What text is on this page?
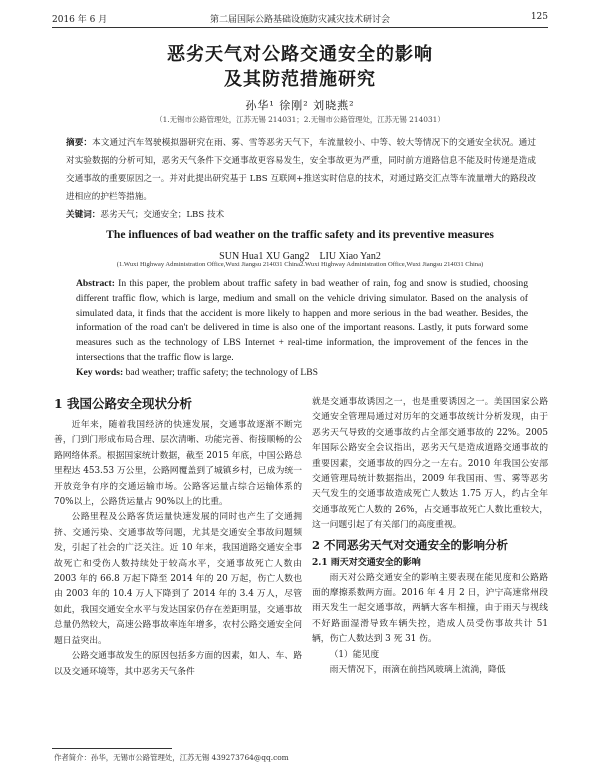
2016 年 6 月	第二届国际公路基础设施防灾减灾技术研讨会	125
恶劣天气对公路交通安全的影响
及其防范措施研究
孙华¹ 徐刚² 刘晓燕²
（1.无锡市公路管理处，江苏无锡 214031；2.无锡市公路管理处，江苏无锡 214031）
摘要：本文通过汽车驾驶模拟器研究在雨、雾、雪等恶劣天气下，车流量较小、中等、较大等情况下的交通安全状况。通过对实验数据的分析可知，恶劣天气条件下交通事故更容易发生，安全事故更为严重，同时前方道路信息不能及时传递是造成交通事故的重要原因之一。并对此提出研究基于 LBS 互联网+推送实时信息的技术，对通过路交汇点等车流量增大的路段改进相应的护栏等措施。
关键词：恶劣天气；交通安全；LBS 技术
The influences of bad weather on the traffic safety and its preventive measures
SUN Hua1 XU Gang2　LIU Xiao Yan2
(1.Wuxi Highway Administration Office,Wuxi Jiangsu 214031 China2.Wuxi Highway Administration Office,Wuxi Jiangsu 214031 China)
Abstract: In this paper, the problem about traffic safety in bad weather of rain, fog and snow is studied, choosing different traffic flow, which is large, medium and small on the vehicle driving simulator. Based on the analysis of simulated data, it finds that the accident is more likely to happen and more serious in the bad weather. Besides, the information of the road can't be delivered in time is also one of the important reasons. Lastly, it puts forward some measures such as the technology of LBS Internet + real-time information, the improvement of the fences in the intersections that the traffic flow is large.
Key words: bad weather; traffic safety; the technology of LBS
1 我国公路安全现状分析

近年来，随着我国经济的快速发展，交通事故逐渐不断完善，门到门形成布局合理、层次清晰、功能完善、衔接顺畅的公路网络体系。根据国家统计数据，截至 2015 年底，中国公路总里程达 453.53 万公里，公路网覆盖到了城镇乡村，已成为统一开放竞争有序的交通运输市场。公路客运量占综合运输体系的 70%以上，公路货运量占 90%以上的比重。

公路里程及公路客货运量快速发展的同时也产生了交通拥挤、交通污染、交通事故等问题，尤其是交通安全事故问题频发，引起了社会的广泛关注。近 10 年来，我国道路交通安全事故死亡和受伤人数持续处于较高水平，交通事故死亡人数由 2003 年的 66.8 万起下降至 2014 年的 20 万起，伤亡人数也由 2003 年的 10.4 万人下降到了 2014 年的 3.4 万人，尽管如此，我国交通安全水平与发达国家仍存在差距明显，交通事故总量仍然较大，高速公路事故率连年增多，农村公路交通安全问题日益突出。

公路交通事故发生的原因包括多方面的因素，如人、车、路以及交通环境等，其中恶劣天气条件

就是交通事故诱因之一，也是重要诱因之一。美国国家公路交通安全管理局通过对历年的交通事故统计分析发现，由于恶劣天气导致的交通事故约占全部交通事故的 22%。2005 年国际公路安全会议指出，恶劣天气是造成道路交通事故的重要因素，交通事故的四分之一左右。2010 年我国公安部交通管理局统计数据指出，2009 年我国雨、雪、雾等恶劣天气发生的交通事故造成死亡人数达 1.75 万人，约占全年交通事故死亡人数的 26%，占交通事故死亡人数比重较大，这一问题引起了有关部门的高度重视。

2 不同恶劣天气对交通安全的影响分析
2.1 雨天对交通安全的影响

雨天对公路交通安全的影响主要表现在能见度和公路路面的摩擦系数两方面。2016 年 4 月 2 日，沪宁高速常州段雨天发生一起交通事故，两辆大客车相撞，由于雨天与视线不好路面湿滑导致车辆失控，造成人员受伤事故共计 51 辆，伤亡人数达到 3 死 31 伤。

（1）能见度

雨天情况下，雨滴在前挡风玻璃上流淌，降低

作者简介：孙华，无锡市公路管理处，江苏无锡 439273764@qq.com
